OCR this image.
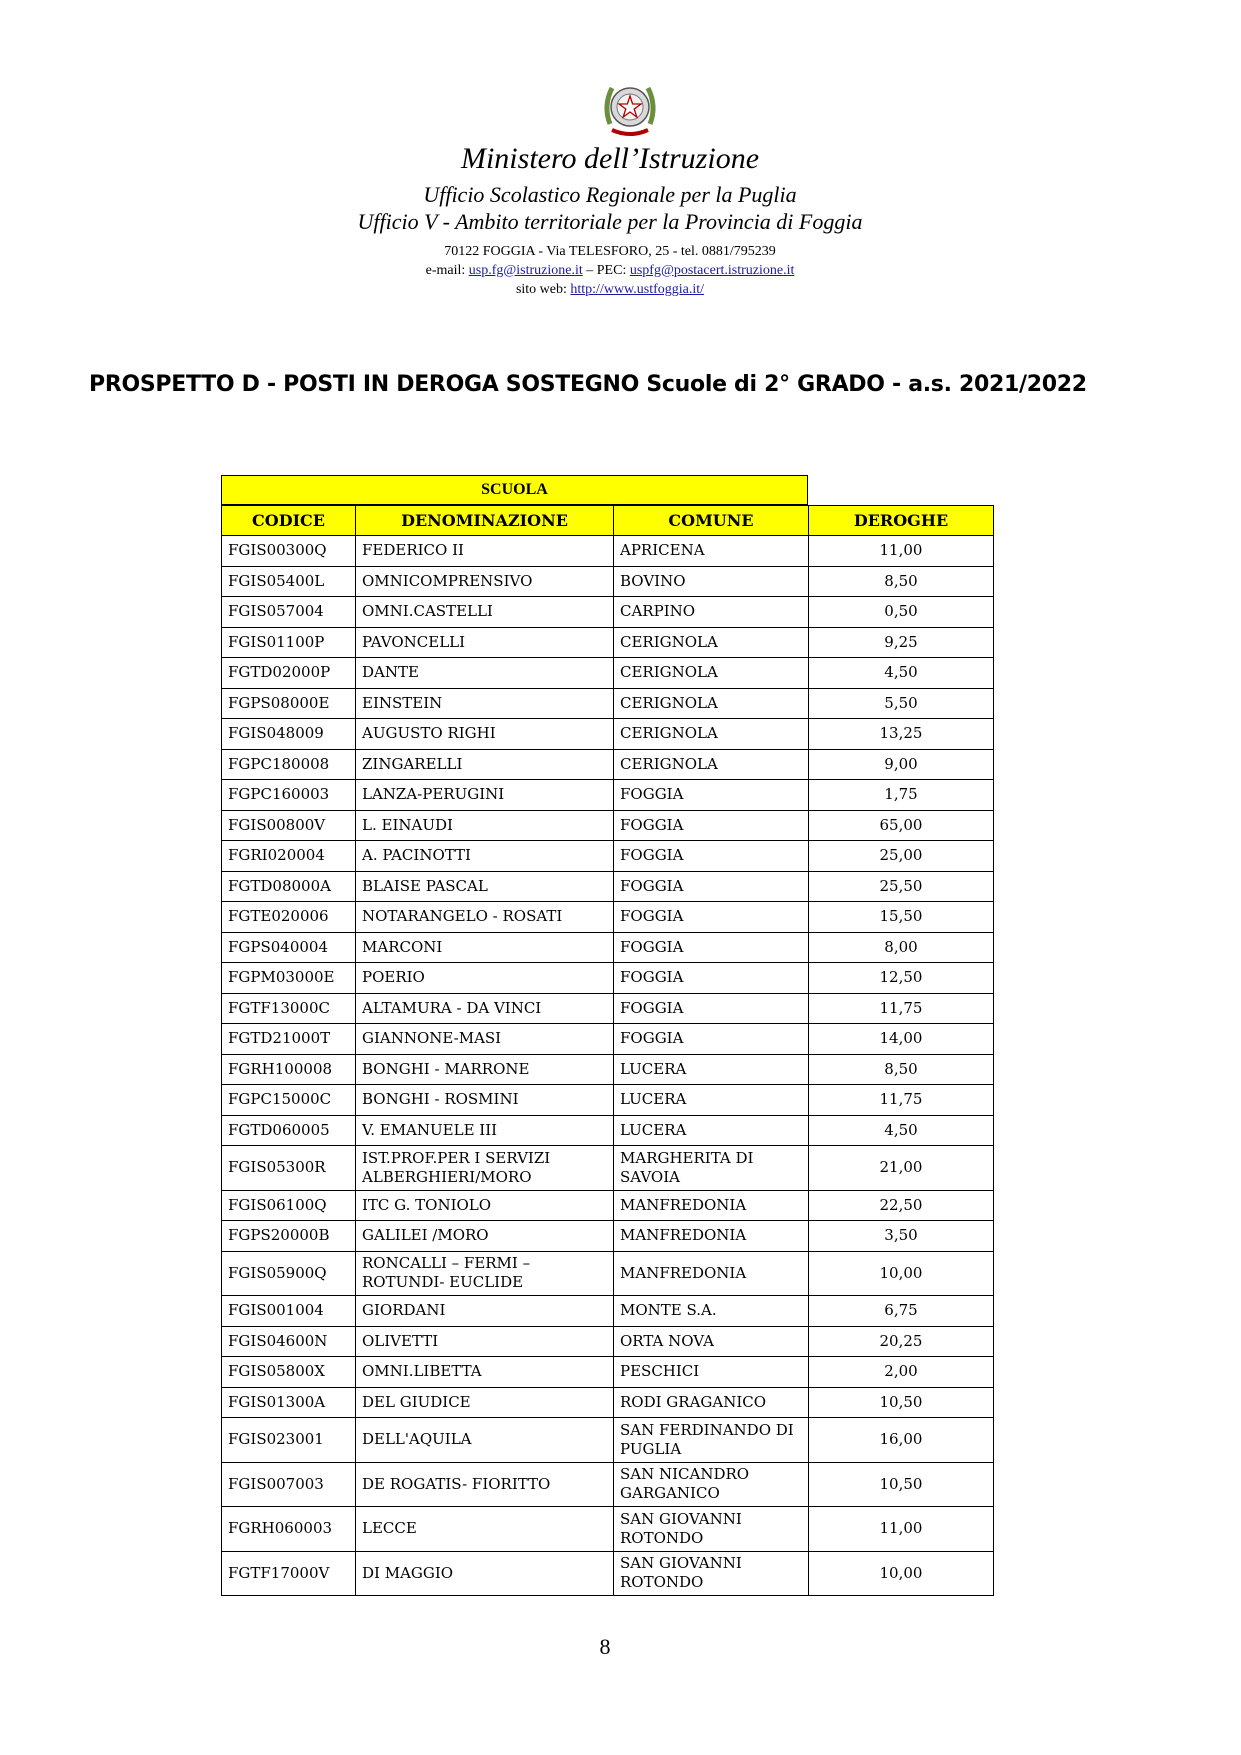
Ministero dell’Istruzione
Ufficio Scolastico Regionale per la Puglia
Ufficio V - Ambito territoriale per la Provincia di Foggia
70122 FOGGIA - Via TELESFORO, 25 - tel. 0881/795239
e-mail: usp.fg@istruzione.it – PEC: uspfg@postacert.istruzione.it
sito web: http://www.ustfoggia.it/
PROSPETTO D - POSTI IN DEROGA SOSTEGNO Scuole di 2° GRADO - a.s. 2021/2022
SCUOLA
CODICE	DENOMINAZIONE	COMUNE	DEROGHE
FGIS00300Q	FEDERICO II	APRICENA	11,00
FGIS05400L	OMNICOMPRENSIVO	BOVINO	8,50
FGIS057004	OMNI.CASTELLI	CARPINO	0,50
FGIS01100P	PAVONCELLI	CERIGNOLA	9,25
FGTD02000P	DANTE	CERIGNOLA	4,50
FGPS08000E	EINSTEIN	CERIGNOLA	5,50
FGIS048009	AUGUSTO RIGHI	CERIGNOLA	13,25
FGPC180008	ZINGARELLI	CERIGNOLA	9,00
FGPC160003	LANZA-PERUGINI	FOGGIA	1,75
FGIS00800V	L. EINAUDI	FOGGIA	65,00
FGRI020004	A. PACINOTTI	FOGGIA	25,00
FGTD08000A	BLAISE PASCAL	FOGGIA	25,50
FGTE020006	NOTARANGELO - ROSATI	FOGGIA	15,50
FGPS040004	MARCONI	FOGGIA	8,00
FGPM03000E	POERIO	FOGGIA	12,50
FGTF13000C	ALTAMURA - DA VINCI	FOGGIA	11,75
FGTD21000T	GIANNONE-MASI	FOGGIA	14,00
FGRH100008	BONGHI - MARRONE	LUCERA	8,50
FGPC15000C	BONGHI - ROSMINI	LUCERA	11,75
FGTD060005	V. EMANUELE III	LUCERA	4,50
FGIS05300R	IST.PROF.PER I SERVIZI ALBERGHIERI/MORO	MARGHERITA DI SAVOIA	21,00
FGIS06100Q	ITC G. TONIOLO	MANFREDONIA	22,50
FGPS20000B	GALILEI /MORO	MANFREDONIA	3,50
FGIS05900Q	RONCALLI – FERMI – ROTUNDI- EUCLIDE	MANFREDONIA	10,00
FGIS001004	GIORDANI	MONTE S.A.	6,75
FGIS04600N	OLIVETTI	ORTA NOVA	20,25
FGIS05800X	OMNI.LIBETTA	PESCHICI	2,00
FGIS01300A	DEL GIUDICE	RODI GRAGANICO	10,50
FGIS023001	DELL'AQUILA	SAN FERDINANDO DI PUGLIA	16,00
FGIS007003	DE ROGATIS- FIORITTO	SAN NICANDRO GARGANICO	10,50
FGRH060003	LECCE	SAN GIOVANNI ROTONDO	11,00
FGTF17000V	DI MAGGIO	SAN GIOVANNI ROTONDO	10,00
8
